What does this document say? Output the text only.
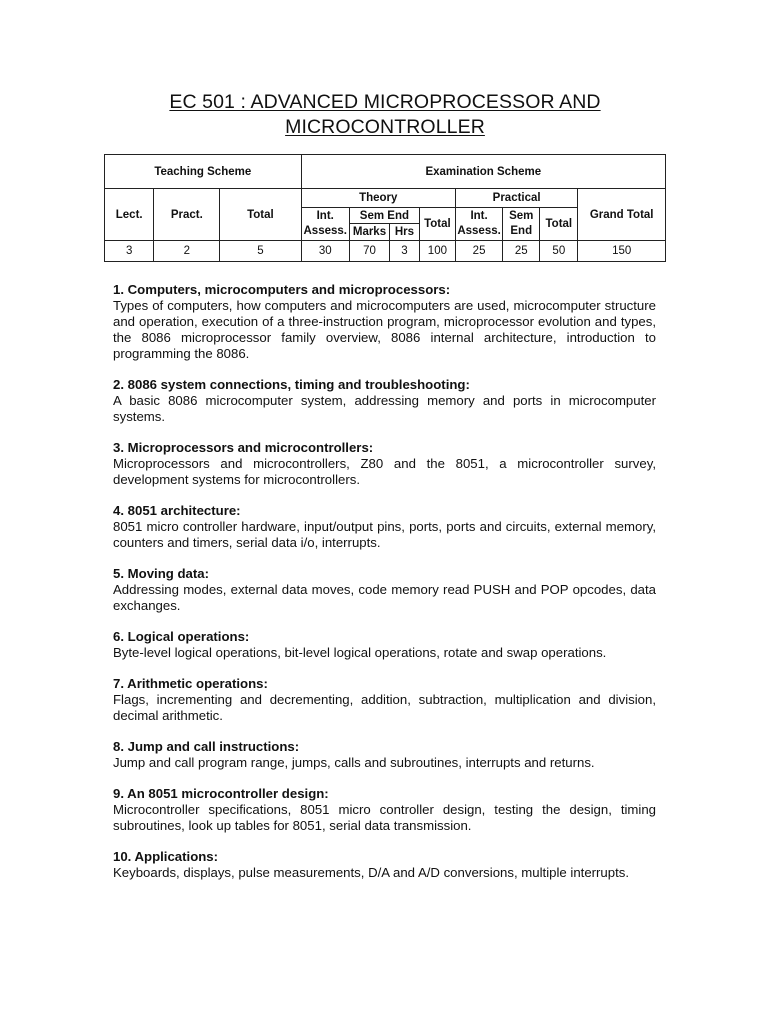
EC 501 : ADVANCED MICROPROCESSOR AND MICROCONTROLLER
Teaching Scheme			Examination Scheme							
Lect.	Pract.	Total	Theory				Practical			Grand Total
			Int. Assess.	Sem End		Total	Int. Assess.	Sem End	Total	
				Marks	Hrs					
3	2	5	30	70	3	100	25	25	50	150

1. Computers, microcomputers and microprocessors:

Types of computers, how computers and microcomputers are used, microcomputer structure and operation, execution of a three-instruction program, microprocessor evolution and types, the 8086 microprocessor family overview, 8086 internal architecture, introduction to programming the 8086.

2. 8086 system connections, timing and troubleshooting:

A basic 8086 microcomputer system, addressing memory and ports in microcomputer systems.

3. Microprocessors and microcontrollers:

Microprocessors and microcontrollers, Z80 and the 8051, a microcontroller survey, development systems for microcontrollers.

4. 8051 architecture:

8051 micro controller hardware, input/output pins, ports, ports and circuits, external memory, counters and timers, serial data i/o, interrupts.

5. Moving data:

Addressing modes, external data moves, code memory read PUSH and POP opcodes, data exchanges.

6. Logical operations:

Byte-level logical operations, bit-level logical operations, rotate and swap operations.

7. Arithmetic operations:

Flags, incrementing and decrementing, addition, subtraction, multiplication and division, decimal arithmetic.

8. Jump and call instructions:

Jump and call program range, jumps, calls and subroutines, interrupts and returns.

9. An 8051 microcontroller design:

Microcontroller specifications, 8051 micro controller design, testing the design, timing subroutines, look up tables for 8051, serial data transmission.

10. Applications:

Keyboards, displays, pulse measurements, D/A and A/D conversions, multiple interrupts.
